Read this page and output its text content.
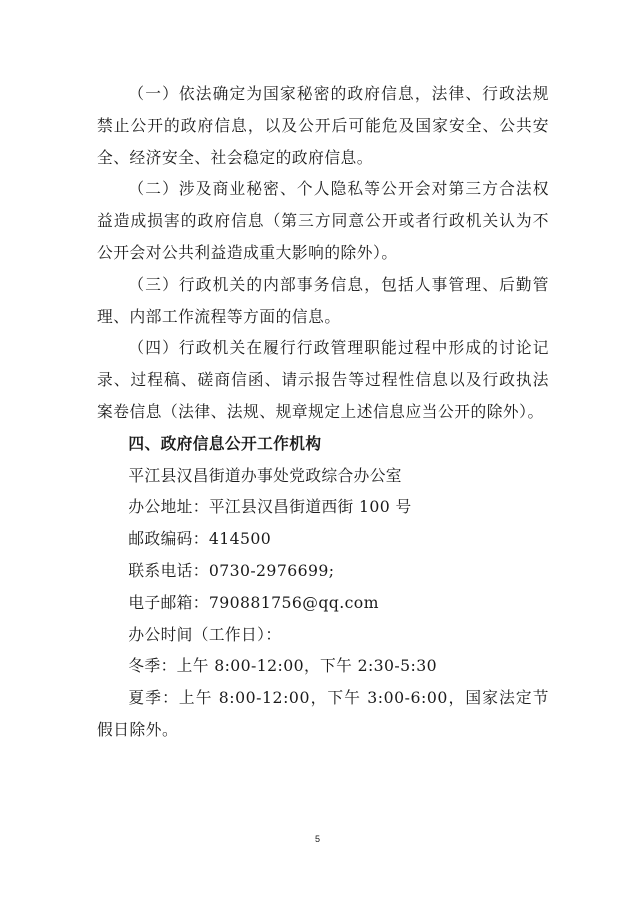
（一）依法确定为国家秘密的政府信息，法律、行政法规禁止公开的政府信息，以及公开后可能危及国家安全、公共安全、经济安全、社会稳定的政府信息。

（二）涉及商业秘密、个人隐私等公开会对第三方合法权益造成损害的政府信息（第三方同意公开或者行政机关认为不公开会对公共利益造成重大影响的除外）。

（三）行政机关的内部事务信息，包括人事管理、后勤管理、内部工作流程等方面的信息。

（四）行政机关在履行行政管理职能过程中形成的讨论记录、过程稿、磋商信函、请示报告等过程性信息以及行政执法案卷信息（法律、法规、规章规定上述信息应当公开的除外）。

四、政府信息公开工作机构

平江县汉昌街道办事处党政综合办公室

办公地址：平江县汉昌街道西街 100 号

邮政编码：414500

联系电话：0730-2976699;

电子邮箱：790881756@qq.com

办公时间（工作日）：

冬季：上午 8:00-12:00，下午 2:30-5:30

夏季：上午 8:00-12:00，下午 3:00-6:00，国家法定节假日除外。

5
